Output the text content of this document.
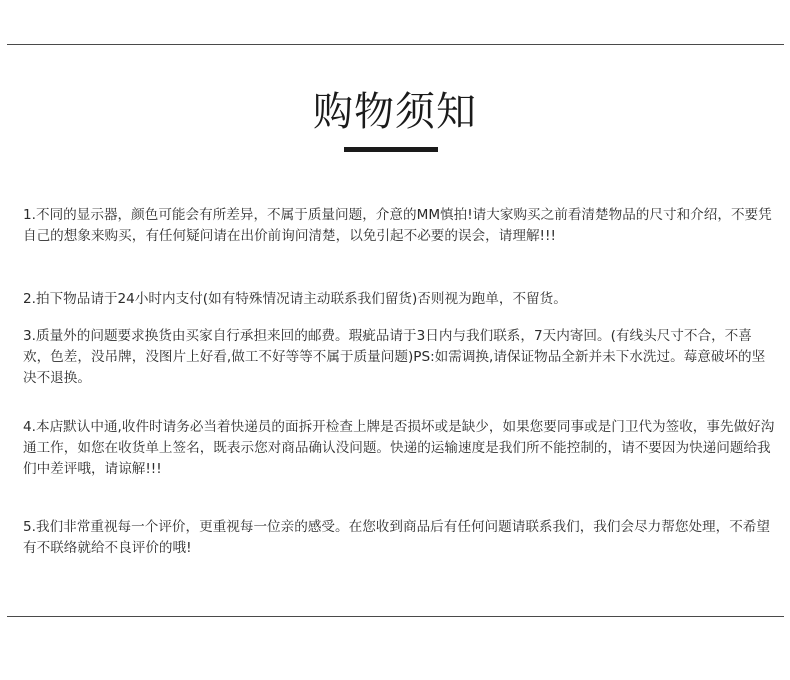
购物须知

1.不同的显示器，颜色可能会有所差异，不属于质量问题，介意的MM慎拍!请大家购买之前看清楚物品的尺寸和介绍，不要凭自己的想象来购买，有任何疑问请在出价前询问清楚，以免引起不必要的误会，请理解!!!

2.拍下物品请于24小时内支付(如有特殊情况请主动联系我们留货)否则视为跑单，不留货。

3.质量外的问题要求换货由买家自行承担来回的邮费。瑕疵品请于3日内与我们联系，7天内寄回。(有线头尺寸不合，不喜欢，色差，没吊牌，没图片上好看,做工不好等等不属于质量问题)PS:如需调换,请保证物品全新并未下水洗过。莓意破坏的坚决不退换。

4.本店默认中通,收件时请务必当着快递员的面拆开检查上牌是否损坏或是缺少，如果您要同事或是门卫代为签收，事先做好沟通工作，如您在收货单上签名，既表示您对商品确认没问题。快递的运输速度是我们所不能控制的，请不要因为快递问题给我们中差评哦，请谅解!!!

5.我们非常重视每一个评价，更重视每一位亲的感受。在您收到商品后有任何问题请联系我们，我们会尽力帮您处理，不希望有不联络就给不良评价的哦!
